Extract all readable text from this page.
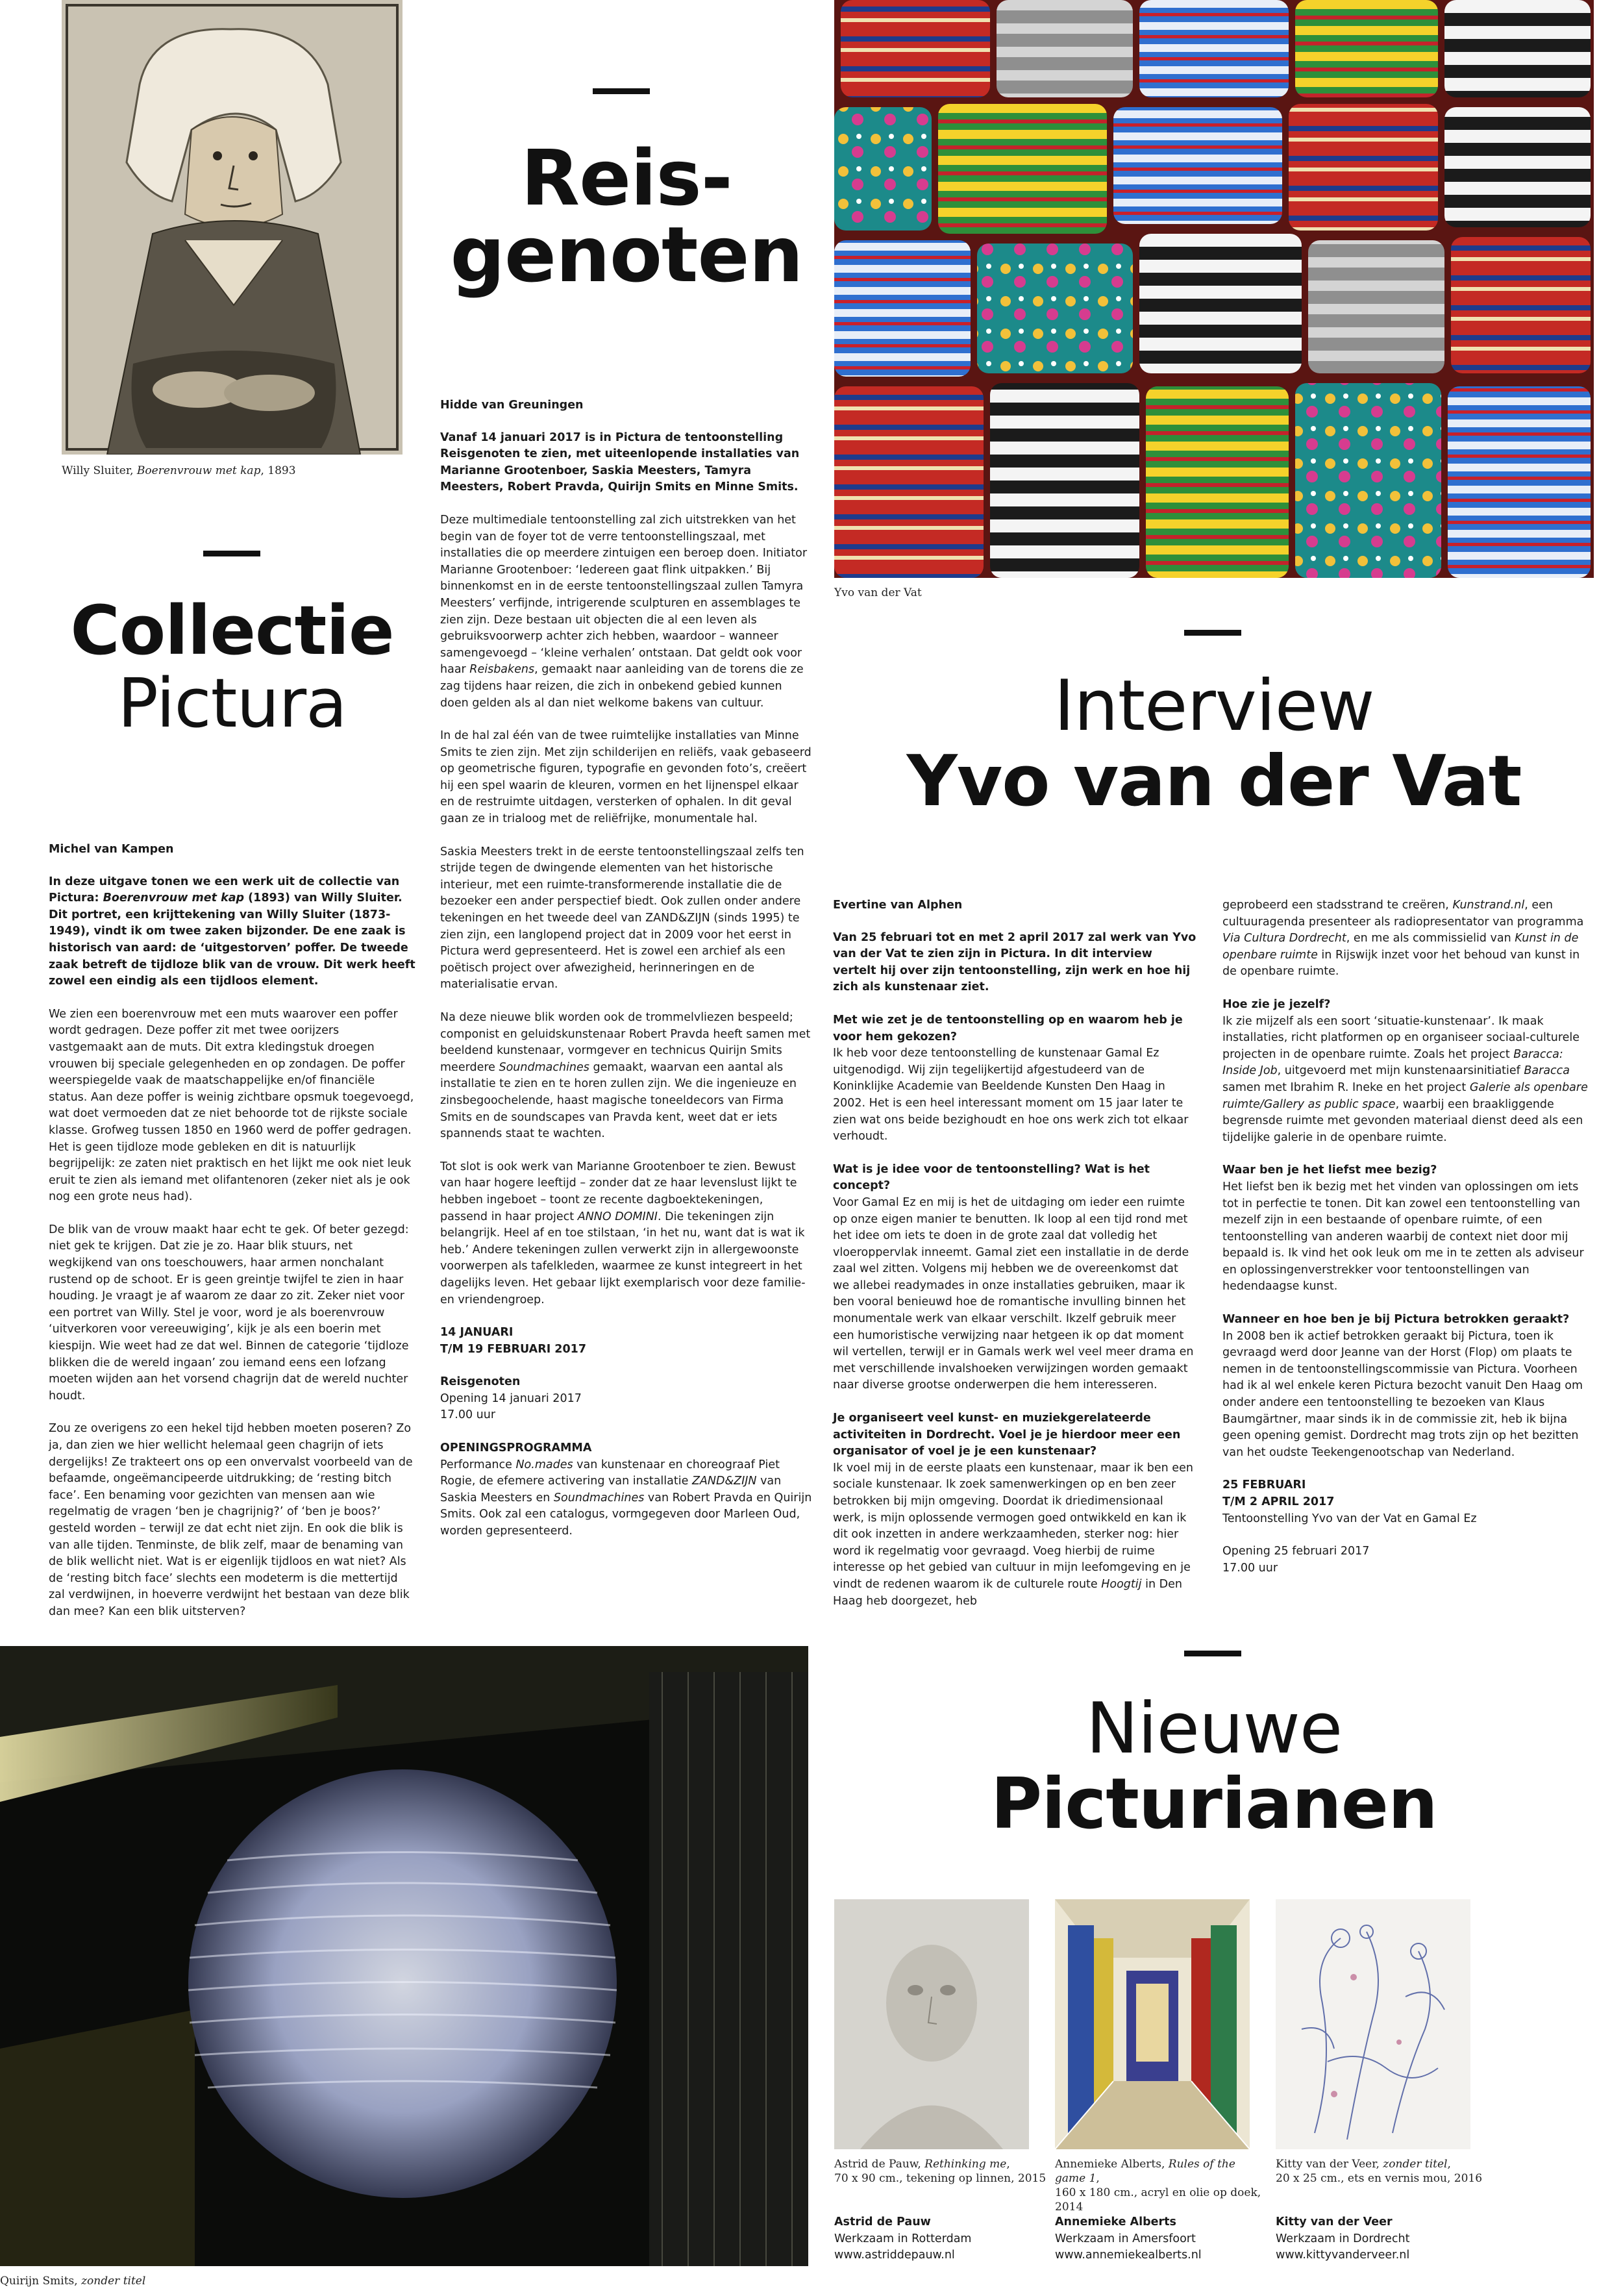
Willy Sluiter, Boerenvrouw met kap, 1893
Collectie
Pictura

Michel van Kampen

In deze uitgave tonen we een werk uit de collectie van Pictura: Boerenvrouw met kap (1893) van Willy Sluiter. Dit portret, een krijttekening van Willy Sluiter (1873-1949), vindt ik om twee zaken bijzonder. De ene zaak is historisch van aard: de ‘uitgestorven’ poffer. De tweede zaak betreft de tijdloze blik van de vrouw. Dit werk heeft zowel een eindig als een tijdloos element.

We zien een boerenvrouw met een muts waarover een poffer wordt gedragen. Deze poffer zit met twee oorijzers vastgemaakt aan de muts. Dit extra kledingstuk droegen vrouwen bij speciale gelegenheden en op zondagen. De poffer weerspiegelde vaak de maatschappelijke en/of financiële status. Aan deze poffer is weinig zichtbare opsmuk toegevoegd, wat doet vermoeden dat ze niet behoorde tot de rijkste sociale klasse. Grofweg tussen 1850 en 1960 werd de poffer gedragen. Het is geen tijdloze mode gebleken en dit is natuurlijk begrijpelijk: ze zaten niet praktisch en het lijkt me ook niet leuk eruit te zien als iemand met olifantenoren (zeker niet als je ook nog een grote neus had).

De blik van de vrouw maakt haar echt te gek. Of beter gezegd: niet gek te krijgen. Dat zie je zo. Haar blik stuurs, net wegkijkend van ons toeschouwers, haar armen nonchalant rustend op de schoot. Er is geen greintje twijfel te zien in haar houding. Je vraagt je af waarom ze daar zo zit. Zeker niet voor een portret van Willy. Stel je voor, word je als boerenvrouw ‘uitverkoren voor vereeuwiging’, kijk je als een boerin met kiespijn. Wie weet had ze dat wel. Binnen de categorie ‘tijdloze blikken die de wereld ingaan’ zou iemand eens een lofzang moeten wijden aan het vorsend chagrijn dat de wereld nuchter houdt.

Zou ze overigens zo een hekel tijd hebben moeten poseren? Zo ja, dan zien we hier wellicht helemaal geen chagrijn of iets dergelijks! Ze trakteert ons op een onvervalst voorbeeld van de befaamde, ongeëmancipeerde uitdrukking; de ‘resting bitch face’. Een benaming voor gezichten van mensen aan wie regelmatig de vragen ‘ben je chagrijnig?’ of ‘ben je boos?’ gesteld worden – terwijl ze dat echt niet zijn. En ook die blik is van alle tijden. Tenminste, de blik zelf, maar de benaming van de blik wellicht niet. Wat is er eigenlijk tijdloos en wat niet? Als de ‘resting bitch face’ slechts een modeterm is die mettertijd zal verdwijnen, in hoeverre verdwijnt het bestaan van deze blik dan mee? Kan een blik uitsterven?

Reis-
genoten

Hidde van Greuningen

Vanaf 14 januari 2017 is in Pictura de tentoonstelling Reisgenoten te zien, met uiteenlopende installaties van Marianne Grootenboer, Saskia Meesters, Tamyra Meesters, Robert Pravda, Quirijn Smits en Minne Smits.

Deze multimediale tentoonstelling zal zich uitstrekken van het begin van de foyer tot de verre tentoonstellingszaal, met installaties die op meerdere zintuigen een beroep doen. Initiator Marianne Grootenboer: ‘Iedereen gaat flink uitpakken.’ Bij binnenkomst en in de eerste tentoonstellingszaal zullen Tamyra Meesters’ verfijnde, intrigerende sculpturen en assemblages te zien zijn. Deze bestaan uit objecten die al een leven als gebruiksvoorwerp achter zich hebben, waardoor – wanneer samengevoegd – ‘kleine verhalen’ ontstaan. Dat geldt ook voor haar Reisbakens, gemaakt naar aanleiding van de torens die ze zag tijdens haar reizen, die zich in onbekend gebied kunnen doen gelden als al dan niet welkome bakens van cultuur.

In de hal zal één van de twee ruimtelijke installaties van Minne Smits te zien zijn. Met zijn schilderijen en reliëfs, vaak gebaseerd op geometrische figuren, typografie en gevonden foto’s, creëert hij een spel waarin de kleuren, vormen en het lijnenspel elkaar en de restruimte uitdagen, versterken of ophalen. In dit geval gaan ze in trialoog met de reliëfrijke, monumentale hal.

Saskia Meesters trekt in de eerste tentoonstellingszaal zelfs ten strijde tegen de dwingende elementen van het historische interieur, met een ruimte-transformerende installatie die de bezoeker een ander perspectief biedt. Ook zullen onder andere tekeningen en het tweede deel van ZAND&ZIJN (sinds 1995) te zien zijn, een langlopend project dat in 2009 voor het eerst in Pictura werd gepresenteerd. Het is zowel een archief als een poëtisch project over afwezigheid, herinneringen en de materialisatie ervan.

Na deze nieuwe blik worden ook de trommelvliezen bespeeld; componist en geluidskunstenaar Robert Pravda heeft samen met beeldend kunstenaar, vormgever en technicus Quirijn Smits meerdere Soundmachines gemaakt, waarvan een aantal als installatie te zien en te horen zullen zijn. We die ingenieuze en zinsbegoochelende, haast magische toneeldecors van Firma Smits en de soundscapes van Pravda kent, weet dat er iets spannends staat te wachten.

Tot slot is ook werk van Marianne Grootenboer te zien. Bewust van haar hogere leeftijd – zonder dat ze haar levenslust lijkt te hebben ingeboet – toont ze recente dagboektekeningen, passend in haar project ANNO DOMINI. Die tekeningen zijn belangrijk. Heel af en toe stilstaan, ‘in het nu, want dat is wat ik heb.’ Andere tekeningen zullen verwerkt zijn in allergewoonste voorwerpen als tafelkleden, waarmee ze kunst integreert in het dagelijks leven. Het gebaar lijkt exemplarisch voor deze familie- en vriendengroep.

14 JANUARI

T/M 19 FEBRUARI 2017

Reisgenoten

Opening 14 januari 2017

17.00 uur

OPENINGSPROGRAMMA

Performance No.mades van kunstenaar en choreograaf Piet Rogie, de efemere activering van installatie ZAND&ZIJN van Saskia Meesters en Soundmachines van Robert Pravda en Quirijn Smits. Ook zal een catalogus, vormgegeven door Marleen Oud, worden gepresenteerd.

Yvo van der Vat
Interview
Yvo van der Vat

Evertine van Alphen

Van 25 februari tot en met 2 april 2017 zal werk van Yvo van der Vat te zien zijn in Pictura. In dit interview vertelt hij over zijn tentoonstelling, zijn werk en hoe hij zich als kunstenaar ziet.

Met wie zet je de tentoonstelling op en waarom heb je voor hem gekozen?

Ik heb voor deze tentoonstelling de kunstenaar Gamal Ez uitgenodigd. Wij zijn tegelijkertijd afgestudeerd van de Koninklijke Academie van Beeldende Kunsten Den Haag in 2002. Het is een heel interessant moment om 15 jaar later te zien wat ons beide bezighoudt en hoe ons werk zich tot elkaar verhoudt.

Wat is je idee voor de tentoonstelling? Wat is het concept?

Voor Gamal Ez en mij is het de uitdaging om ieder een ruimte op onze eigen manier te benutten. Ik loop al een tijd rond met het idee om iets te doen in de grote zaal dat volledig het vloeroppervlak inneemt. Gamal ziet een installatie in de derde zaal wel zitten. Volgens mij hebben we de overeenkomst dat we allebei readymades in onze installaties gebruiken, maar ik ben vooral benieuwd hoe de romantische invulling binnen het monumentale werk van elkaar verschilt. Ikzelf gebruik meer een humoristische verwijzing naar hetgeen ik op dat moment wil vertellen, terwijl er in Gamals werk wel veel meer drama en met verschillende invalshoeken verwijzingen worden gemaakt naar diverse grootse onderwerpen die hem interesseren.

Je organiseert veel kunst- en muziekgerelateerde activiteiten in Dordrecht. Voel je je hierdoor meer een organisator of voel je je een kunstenaar?

Ik voel mij in de eerste plaats een kunstenaar, maar ik ben een sociale kunstenaar. Ik zoek samenwerkingen op en ben zeer betrokken bij mijn omgeving. Doordat ik driedimensionaal werk, is mijn oplossende vermogen goed ontwikkeld en kan ik dit ook inzetten in andere werkzaamheden, sterker nog: hier word ik regelmatig voor gevraagd. Voeg hierbij de ruime interesse op het gebied van cultuur in mijn leefomgeving en je vindt de redenen waarom ik de culturele route Hoogtij in Den Haag heb doorgezet, heb

geprobeerd een stadsstrand te creëren, Kunstrand.nl, een cultuuragenda presenteer als radiopresentator van programma Via Cultura Dordrecht, en me als commissielid van Kunst in de openbare ruimte in Rijswijk inzet voor het behoud van kunst in de openbare ruimte.

Hoe zie je jezelf?

Ik zie mijzelf als een soort ‘situatie-kunstenaar’. Ik maak installaties, richt platformen op en organiseer sociaal-culturele projecten in de openbare ruimte. Zoals het project Baracca: Inside Job, uitgevoerd met mijn kunstenaarsinitiatief Baracca samen met Ibrahim R. Ineke en het project Galerie als openbare ruimte/Gallery as public space, waarbij een braakliggende begrensde ruimte met gevonden materiaal dienst deed als een tijdelijke galerie in de openbare ruimte.

Waar ben je het liefst mee bezig?

Het liefst ben ik bezig met het vinden van oplossingen om iets tot in perfectie te tonen. Dit kan zowel een tentoonstelling van mezelf zijn in een bestaande of openbare ruimte, of een tentoonstelling van anderen waarbij de context niet door mij bepaald is. Ik vind het ook leuk om me in te zetten als adviseur en oplossingenverstrekker voor tentoonstellingen van hedendaagse kunst.

Wanneer en hoe ben je bij Pictura betrokken geraakt?

In 2008 ben ik actief betrokken geraakt bij Pictura, toen ik gevraagd werd door Jeanne van der Horst (Flop) om plaats te nemen in de tentoonstellingscommissie van Pictura. Voorheen had ik al wel enkele keren Pictura bezocht vanuit Den Haag om onder andere een tentoonstelling te bezoeken van Klaus Baumgärtner, maar sinds ik in de commissie zit, heb ik bijna geen opening gemist. Dordrecht mag trots zijn op het bezitten van het oudste Teekengenootschap van Nederland.

25 FEBRUARI

T/M 2 APRIL 2017

Tentoonstelling Yvo van der Vat en Gamal Ez

Opening 25 februari 2017

17.00 uur

Quirijn Smits, zonder titel
Nieuwe
Picturianen
Astrid de Pauw, Rethinking me,
70 x 90 cm., tekening op linnen, 2015
Annemieke Alberts, Rules of the game 1,
160 x 180 cm., acryl en olie op doek, 2014
Kitty van der Veer, zonder titel,
20 x 25 cm., ets en vernis mou, 2016
Astrid de Pauw
Werkzaam in Rotterdam
www.astriddepauw.nl
Annemieke Alberts
Werkzaam in Amersfoort
www.annemiekealberts.nl
Kitty van der Veer
Werkzaam in Dordrecht
www.kittyvanderveer.nl
